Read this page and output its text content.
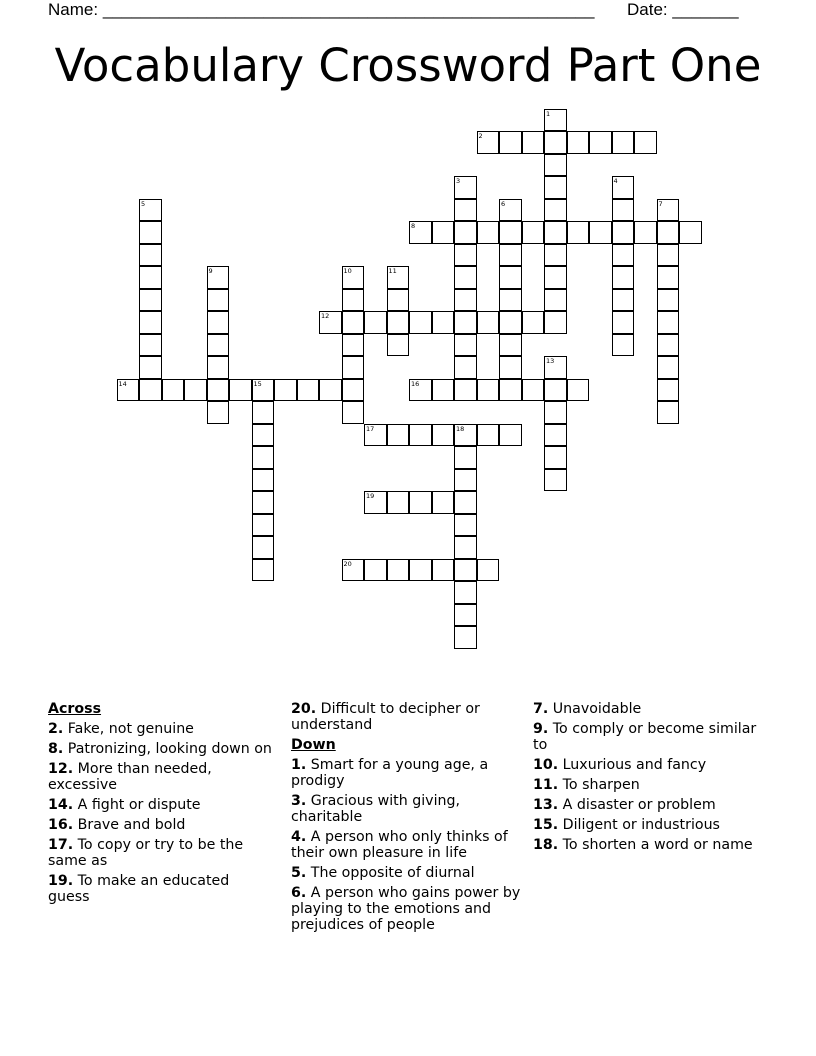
Name: ____________________________________________________ Date: _______
Vocabulary Crossword Part One
2
8
12
14	15	16
17	18
19
20
1
3	4
5	6	7
9	10	11
13
Across
2. Fake, not genuine
8. Patronizing, looking down on
12. More than needed, excessive
14. A fight or dispute
16. Brave and bold
17. To copy or try to be the same as
19. To make an educated guess
20. Difficult to decipher or understand
Down
1. Smart for a young age, a prodigy
3. Gracious with giving, charitable
4. A person who only thinks of their own pleasure in life
5. The opposite of diurnal
6. A person who gains power by playing to the emotions and prejudices of people
7. Unavoidable
9. To comply or become similar to
10. Luxurious and fancy
11. To sharpen
13. A disaster or problem
15. Diligent or industrious
18. To shorten a word or name
